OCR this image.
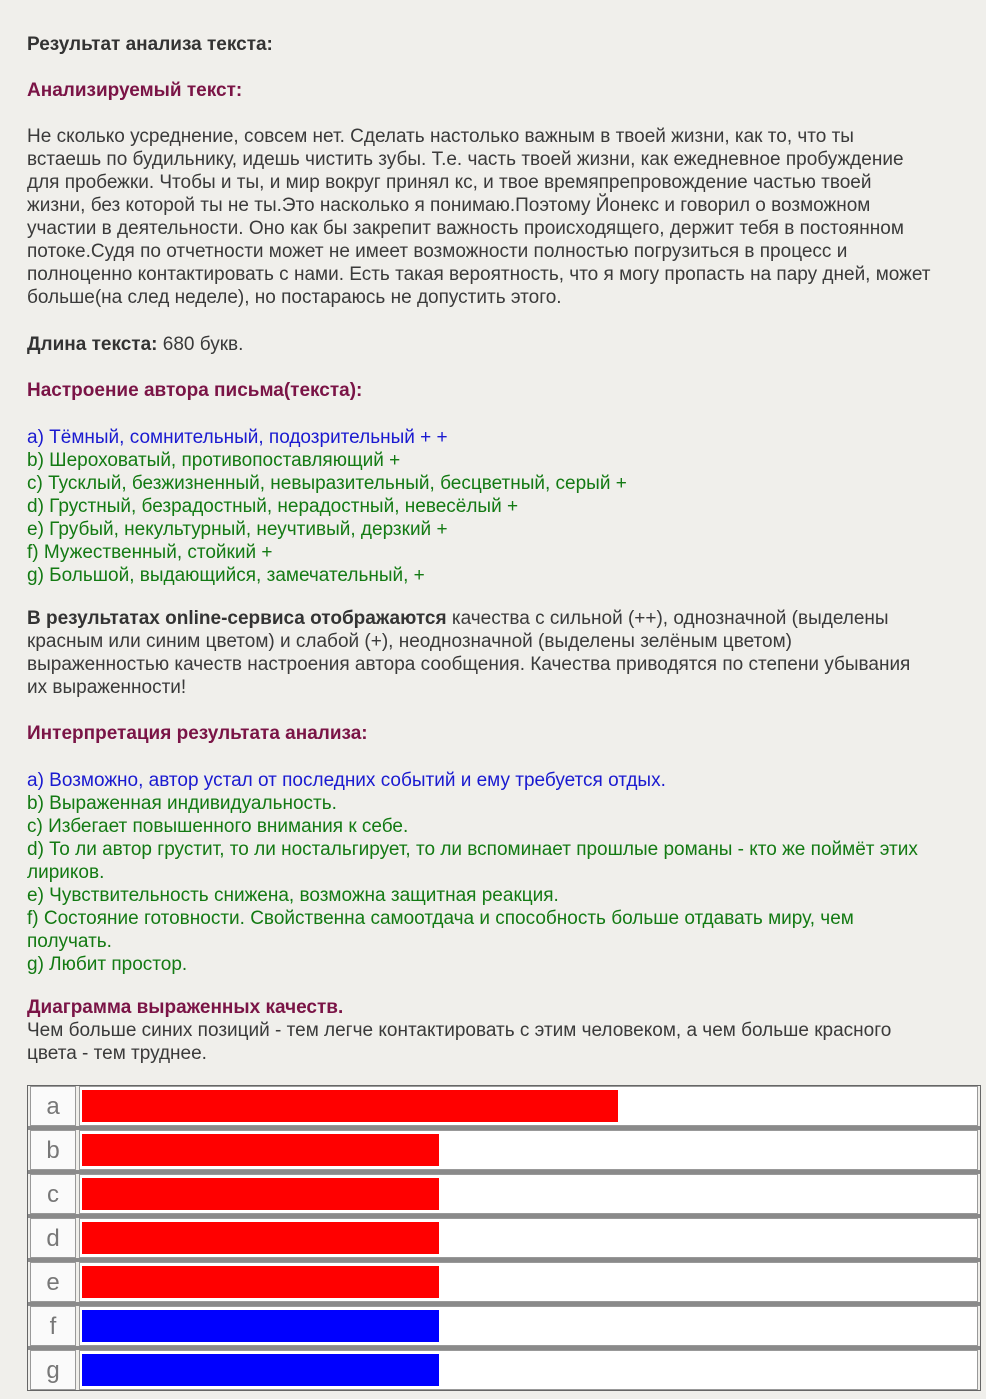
Результат анализа текста:
Анализируемый текст:
Не сколько усреднение, совсем нет. Сделать настолько важным в твоей жизни, как то, что ты
встаешь по будильнику, идешь чистить зубы. Т.е. часть твоей жизни, как ежедневное пробуждение
для пробежки. Чтобы и ты, и мир вокруг принял кс, и твое времяпрепровождение частью твоей
жизни, без которой ты не ты.Это насколько я понимаю.Поэтому Йонекс и говорил о возможном
участии в деятельности. Оно как бы закрепит важность происходящего, держит тебя в постоянном
потоке.Судя по отчетности может не имеет возможности полностью погрузиться в процесс и
полноценно контактировать с нами. Есть такая вероятность, что я могу пропасть на пару дней, может
больше(на след неделе), но постараюсь не допустить этого.
Длина текста: 680 букв.
Настроение автора письма(текста):
a) Тёмный, сомнительный, подозрительный + +
b) Шероховатый, противопоставляющий +
c) Тусклый, безжизненный, невыразительный, бесцветный, серый +
d) Грустный, безрадостный, нерадостный, невесёлый +
e) Грубый, некультурный, неучтивый, дерзкий +
f) Мужественный, стойкий +
g) Большой, выдающийся, замечательный, +
В результатах online-сервиса отображаются качества с сильной (++), однозначной (выделены
красным или синим цветом) и слабой (+), неоднозначной (выделены зелёным цветом)
выраженностью качеств настроения автора сообщения. Качества приводятся по степени убывания
их выраженности!
Интерпретация результата анализа:
a) Возможно, автор устал от последних событий и ему требуется отдых.
b) Выраженная индивидуальность.
c) Избегает повышенного внимания к себе.
d) То ли автор грустит, то ли ностальгирует, то ли вспоминает прошлые романы - кто же поймёт этих
лириков.
e) Чувствительность снижена, возможна защитная реакция.
f) Состояние готовности. Свойственна самоотдача и способность больше отдавать миру, чем
получать.
g) Любит простор.
Диаграмма выраженных качеств.
Чем больше синих позиций - тем легче контактировать с этим человеком, а чем больше красного
цвета - тем труднее.
a
b
c
d
e
f
g
